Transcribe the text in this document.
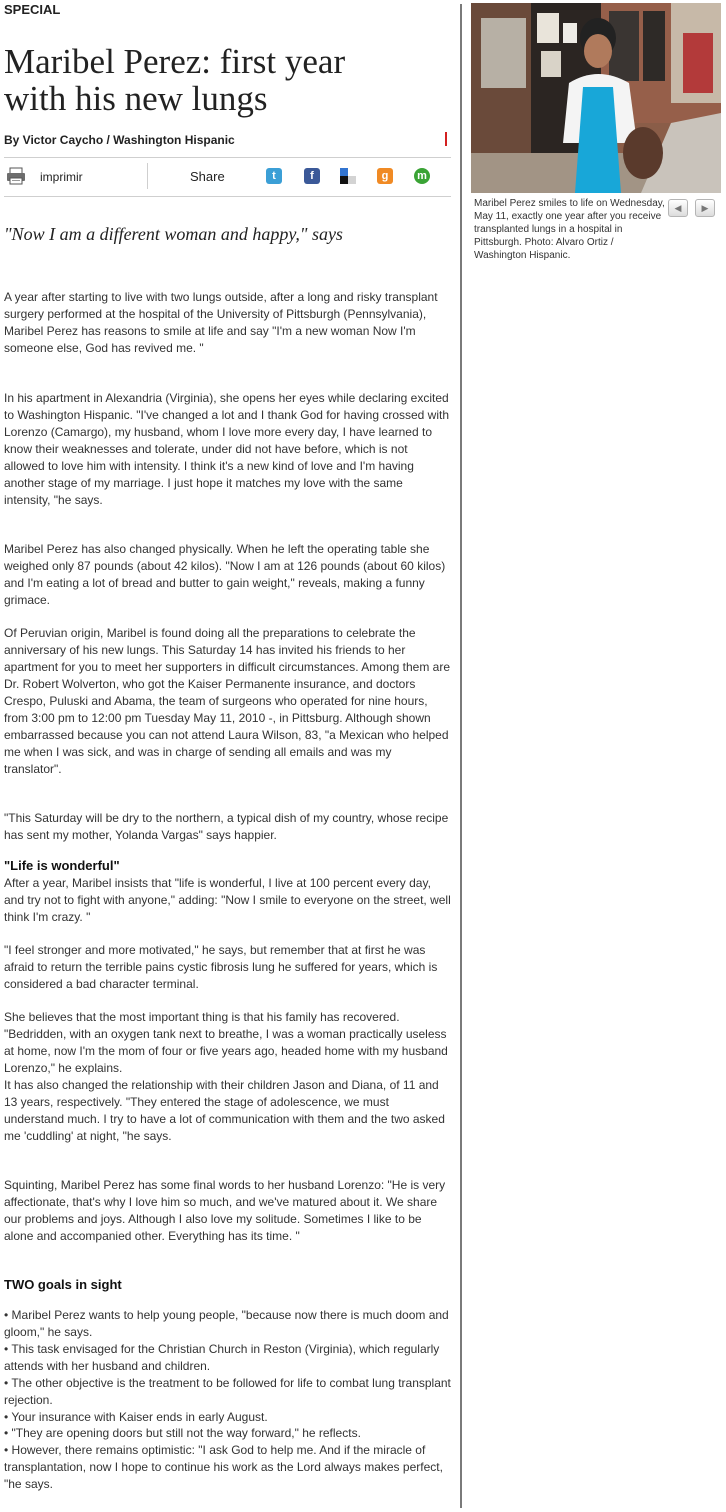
SPECIAL
Maribel Perez: first year
with his new lungs
By Victor Caycho / Washington Hispanic
imprimir	Share	t	f	g	m
"Now I am a different woman and happy," says

A year after starting to live with two lungs outside, after a long and risky transplant surgery performed at the hospital of the University of Pittsburgh (Pennsylvania), Maribel Perez has reasons to smile at life and say "I'm a new woman Now I'm someone else, God has revived me. "

In his apartment in Alexandria (Virginia), she opens her eyes while declaring excited to Washington Hispanic. "I've changed a lot and I thank God for having crossed with Lorenzo (Camargo), my husband, whom I love more every day, I have learned to know their weaknesses and tolerate, under did not have before, which is not allowed to love him with intensity. I think it's a new kind of love and I'm having another stage of my marriage. I just hope it matches my love with the same intensity, "he says.

Maribel Perez has also changed physically. When he left the operating table she weighed only 87 pounds (about 42 kilos). "Now I am at 126 pounds (about 60 kilos) and I'm eating a lot of bread and butter to gain weight," reveals, making a funny grimace.

Of Peruvian origin, Maribel is found doing all the preparations to celebrate the anniversary of his new lungs. This Saturday 14 has invited his friends to her apartment for you to meet her supporters in difficult circumstances. Among them are Dr. Robert Wolverton, who got the Kaiser Permanente insurance, and doctors Crespo, Puluski and Abama, the team of surgeons who operated for nine hours, from 3:00 pm to 12:00 pm Tuesday May 11, 2010 -, in Pittsburg. Although shown embarrassed because you can not attend Laura Wilson, 83, "a Mexican who helped me when I was sick, and was in charge of sending all emails and was my translator".

"This Saturday will be dry to the northern, a typical dish of my country, whose recipe has sent my mother, Yolanda Vargas" says happier.

"Life is wonderful"

After a year, Maribel insists that "life is wonderful, I live at 100 percent every day, and try not to fight with anyone," adding: "Now I smile to everyone on the street, well think I'm crazy. "

"I feel stronger and more motivated," he says, but remember that at first he was afraid to return the terrible pains cystic fibrosis lung he suffered for years, which is considered a bad character terminal.

She believes that the most important thing is that his family has recovered. "Bedridden, with an oxygen tank next to breathe, I was a woman practically useless at home, now I'm the mom of four or five years ago, headed home with my husband Lorenzo," he explains.

It has also changed the relationship with their children Jason and Diana, of 11 and 13 years, respectively. "They entered the stage of adolescence, we must understand much. I try to have a lot of communication with them and the two asked me 'cuddling' at night, "he says.

Squinting, Maribel Perez has some final words to her husband Lorenzo: "He is very affectionate, that's why I love him so much, and we've matured about it. We share our problems and joys. Although I also love my solitude. Sometimes I like to be alone and accompanied other. Everything has its time. "

TWO goals in sight

• Maribel Perez wants to help young people, "because now there is much doom and gloom," he says.

• This task envisaged for the Christian Church in Reston (Virginia), which regularly attends with her husband and children.

• The other objective is the treatment to be followed for life to combat lung transplant rejection.

• Your insurance with Kaiser ends in early August.

• "They are opening doors but still not the way forward," he reflects.

• However, there remains optimistic: "I ask God to help me. And if the miracle of transplantation, now I hope to continue his work as the Lord always makes perfect, "he says.

Maribel Perez smiles to life on Wednesday, May 11, exactly one year after you receive transplanted lungs in a hospital in Pittsburgh. Photo: Alvaro Ortiz / Washington Hispanic.
◀	▶
